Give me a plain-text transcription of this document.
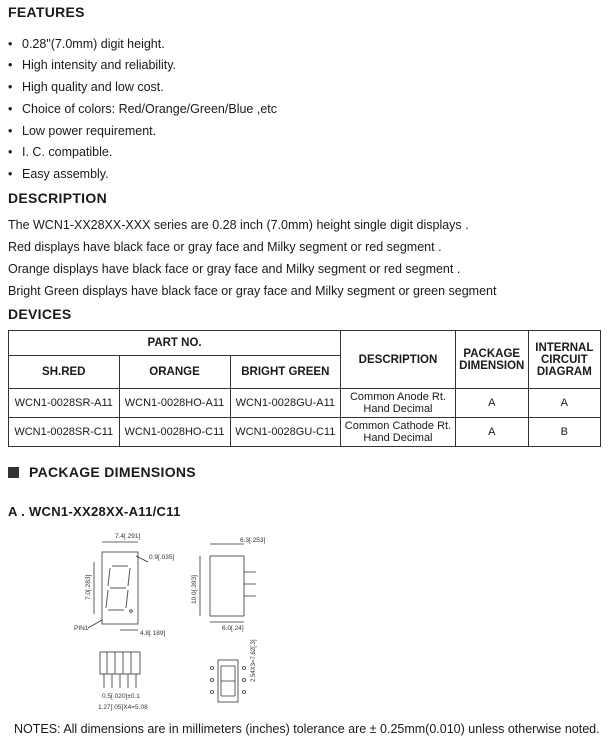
FEATURES
• 0.28"(7.0mm) digit height.
• High intensity and reliability.
• High quality and low cost.
• Choice of colors: Red/Orange/Green/Blue ,etc
• Low power requirement.
• I. C. compatible.
• Easy assembly.
DESCRIPTION
The WCN1-XX28XX-XXX series are 0.28 inch (7.0mm) height single digit displays .
Red displays have black face or gray face and Milky segment or red segment .
Orange displays have black face or gray face and Milky segment or red segment .
Bright Green displays have black face or gray face and Milky segment or green segment
DEVICES
PART NO.			DESCRIPTION	PACKAGE DIMENSION	INTERNAL CIRCUIT DIAGRAM
SH.RED	ORANGE	BRIGHT GREEN			
WCN1-0028SR-A11	WCN1-0028HO-A11	WCN1-0028GU-A11	Common Anode Rt. Hand Decimal	A	A
WCN1-0028SR-C11	WCN1-0028HO-C11	WCN1-0028GU-C11	Common Cathode Rt. Hand Decimal	A	B
PACKAGE DIMENSIONS
A . WCN1-XX28XX-A11/C11
7.4[.291]
0.9[.035]
7.0[.283]
PIN1
4.8[.189]
0.5[.020]±0.1
1.27[.05]X4=5.08
6.3[.253]
10.0[.393]
6.0[.24]
2.54X3=7.62[.3]
NOTES: All dimensions are in millimeters (inches) tolerance are ± 0.25mm(0.010) unless otherwise noted.
